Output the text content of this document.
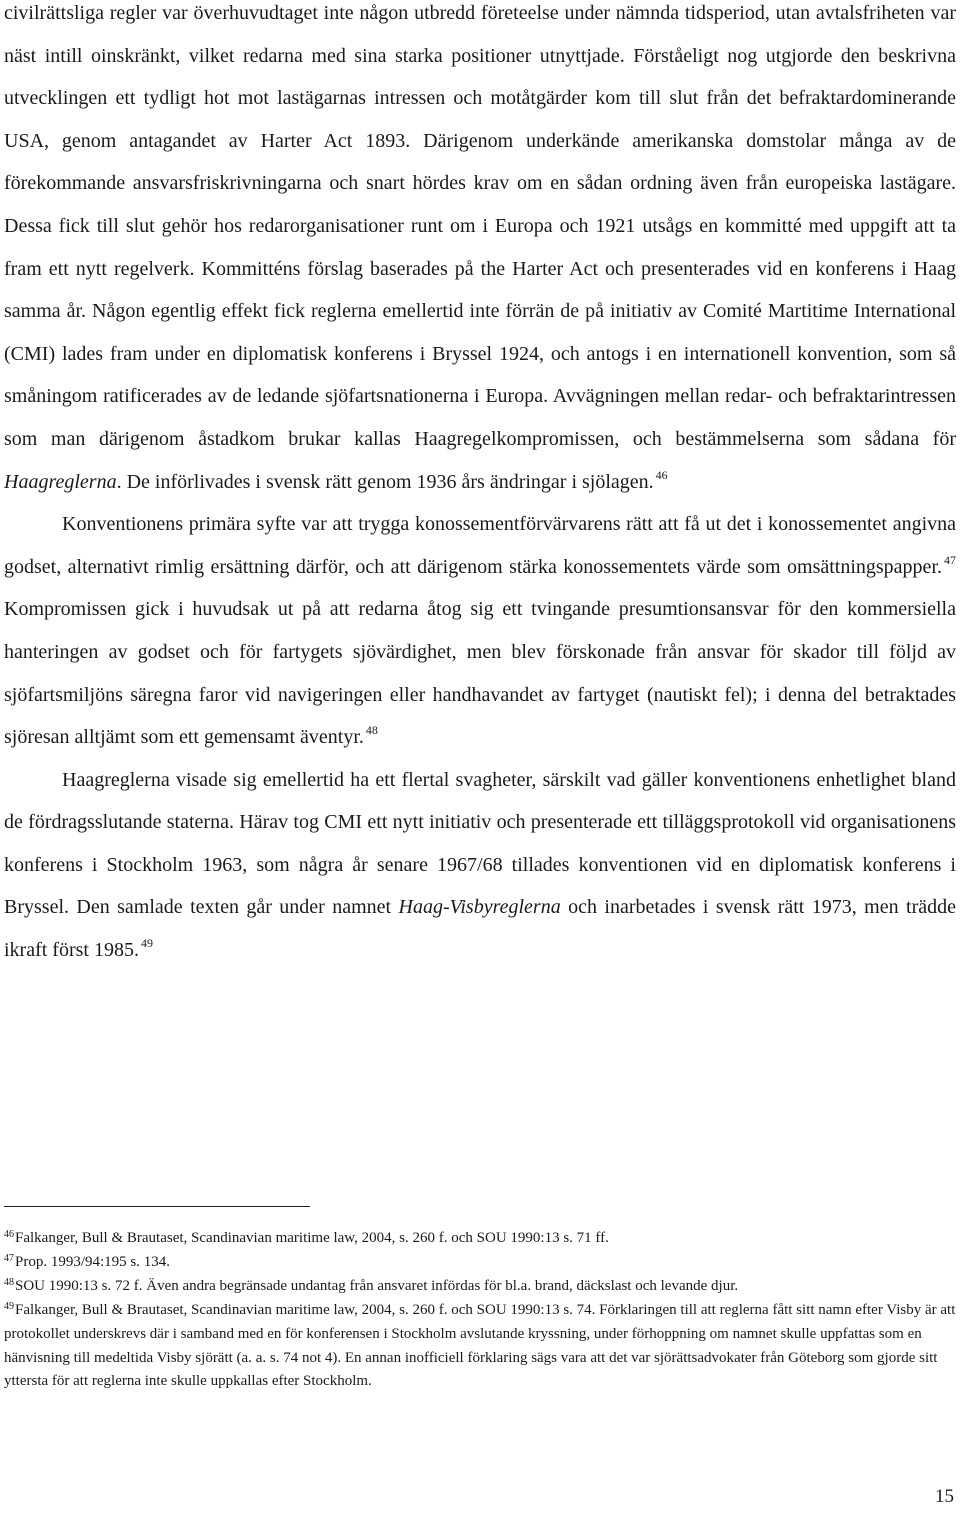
civilrättsliga regler var överhuvudtaget inte någon utbredd företeelse under nämnda tidsperiod, utan avtalsfriheten var näst intill oinskränkt, vilket redarna med sina starka positioner utnyttjade. Förståeligt nog utgjorde den beskrivna utvecklingen ett tydligt hot mot lastägarnas intressen och motåtgärder kom till slut från det befraktardominerande USA, genom antagandet av Harter Act 1893. Därigenom underkände amerikanska domstolar många av de förekommande ansvarsfriskrivningarna och snart hördes krav om en sådan ordning även från europeiska lastägare. Dessa fick till slut gehör hos redarorganisationer runt om i Europa och 1921 utsågs en kommitté med uppgift att ta fram ett nytt regelverk. Kommitténs förslag baserades på the Harter Act och presenterades vid en konferens i Haag samma år. Någon egentlig effekt fick reglerna emellertid inte förrän de på initiativ av Comité Martitime International (CMI) lades fram under en diplomatisk konferens i Bryssel 1924, och antogs i en internationell konvention, som så småningom ratificerades av de ledande sjöfartsnationerna i Europa. Avvägningen mellan redar- och befraktarintressen som man därigenom åstadkom brukar kallas Haagregelkompromissen, och bestämmelserna som sådana för Haagreglerna. De införlivades i svensk rätt genom 1936 års ändringar i sjölagen. $^{46}$

Konventionens primära syfte var att trygga konossementförvärvarens rätt att få ut det i konossementet angivna godset, alternativt rimlig ersättning därför, och att därigenom stärka konossementets värde som omsättningspapper. $^{47}$ Kompromissen gick i huvudsak ut på att redarna åtog sig ett tvingande presumtionsansvar för den kommersiella hanteringen av godset och för fartygets sjövärdighet, men blev förskonade från ansvar för skador till följd av sjöfartsmiljöns säregna faror vid navigeringen eller handhavandet av fartyget (nautiskt fel); i denna del betraktades sjöresan alltjämt som ett gemensamt äventyr. $^{48}$

Haagreglerna visade sig emellertid ha ett flertal svagheter, särskilt vad gäller konventionens enhetlighet bland de fördragsslutande staterna. Härav tog CMI ett nytt initiativ och presenterade ett tilläggsprotokoll vid organisationens konferens i Stockholm 1963, som några år senare 1967/68 tillades konventionen vid en diplomatisk konferens i Bryssel. Den samlade texten går under namnet Haag-Visbyreglerna och inarbetades i svensk rätt 1973, men trädde ikraft först 1985. $^{49}$

$^{46}$Falkanger, Bull & Brautaset, Scandinavian maritime law, 2004, s. 260 f. och SOU 1990:13 s. 71 ff.

$^{47}$Prop. 1993/94:195 s. 134.

$^{48}$SOU 1990:13 s. 72 f. Även andra begränsade undantag från ansvaret infördas för bl.a. brand, däckslast och levande djur.

$^{49}$Falkanger, Bull & Brautaset, Scandinavian maritime law, 2004, s. 260 f. och SOU 1990:13 s. 74. Förklaringen till att reglerna fått sitt namn efter Visby är att protokollet underskrevs där i samband med en för konferensen i Stockholm avslutande kryssning, under förhoppning om namnet skulle uppfattas som en hänvisning till medeltida Visby sjörätt (a. a. s. 74 not 4). En annan inofficiell förklaring sägs vara att det var sjörättsadvokater från Göteborg som gjorde sitt yttersta för att reglerna inte skulle uppkallas efter Stockholm.

15
